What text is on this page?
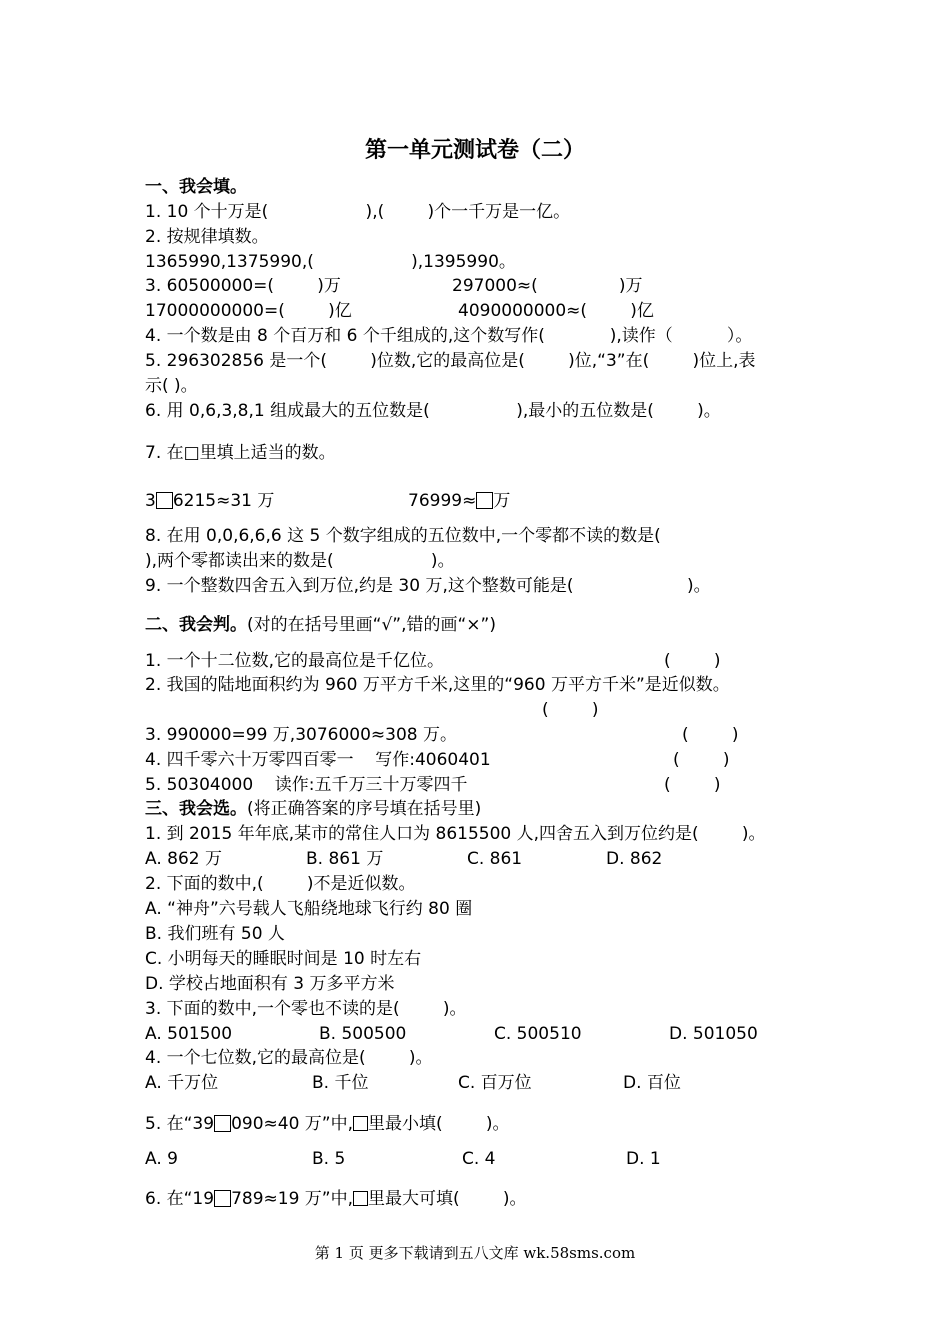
第一单元测试卷（二）
一、我会填。
1. 10 个十万是(                  ),(        )个一千万是一亿。
2. 按规律填数。
1365990,1375990,(                  ),1395990。
3. 60500000=(        )万	297000≈(               )万
17000000000=(        )亿	4090000000≈(        )亿
4. 一个数是由 8 个百万和 6 个千组成的,这个数写作(            ),读作（          ）。
5. 296302856 是一个(        )位数,它的最高位是(        )位,“3”在(        )位上,表
示( )。
6. 用 0,6,3,8,1 组成最大的五位数是(                ),最小的五位数是(        )。
7. 在□里填上适当的数。
3 6215≈31 万	76999≈ 万
8. 在用 0,0,6,6,6 这 5 个数字组成的五位数中,一个零都不读的数是(
),两个零都读出来的数是(                  )。
9. 一个整数四舍五入到万位,约是 30 万,这个整数可能是(                     )。
二、我会判。(对的在括号里画“√”,错的画“×”)
1. 一个十二位数,它的最高位是千亿位。	(        )
2. 我国的陆地面积约为 960 万平方千米,这里的“960 万平方千米”是近似数。
(        )
3. 990000=99 万,3076000≈308 万。	(        )
4. 四千零六十万零四百零一    写作:4060401	(        )
5. 50304000    读作:五千万三十万零四千	(        )
三、我会选。(将正确答案的序号填在括号里)
1. 到 2015 年年底,某市的常住人口为 8615500 人,四舍五入到万位约是(        )。
A. 862 万	B. 861 万	C. 861	D. 862
2. 下面的数中,(        )不是近似数。
A. “神舟”六号载人飞船绕地球飞行约 80 圈
B. 我们班有 50 人
C. 小明每天的睡眠时间是 10 时左右
D. 学校占地面积有 3 万多平方米
3. 下面的数中,一个零也不读的是(        )。
A. 501500	B. 500500	C. 500510	D. 501050
4. 一个七位数,它的最高位是(        )。
A. 千万位	B. 千位	C. 百万位	D. 百位
5. 在“39 090≈40 万”中, 里最小填(        )。
A. 9	B. 5	C. 4	D. 1
6. 在“19 789≈19 万”中, 里最大可填(        )。
第 1 页 更多下载请到五八文库 wk.58sms.com
